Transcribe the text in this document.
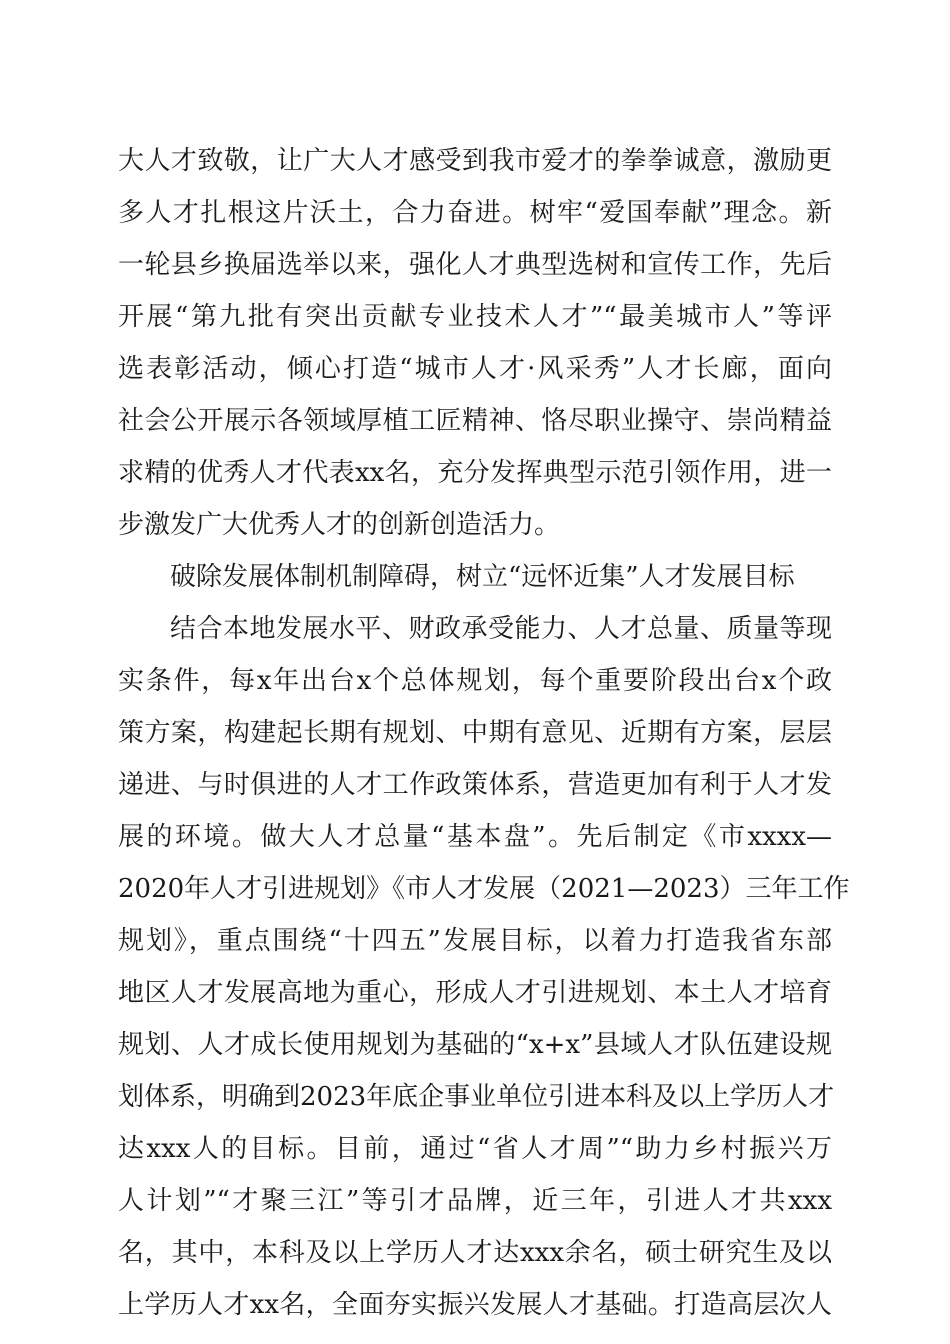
大人才致敬，让广大人才感受到我市爱才的拳拳诚意，激励更
多人才扎根这片沃土，合力奋进。树牢“爱国奉献”理念。新
一轮县乡换届选举以来，强化人才典型选树和宣传工作，先后
开展“第九批有突出贡献专业技术人才”“最美城市人”等评
选表彰活动，倾心打造“城市人才·风采秀”人才长廊，面向
社会公开展示各领域厚植工匠精神、恪尽职业操守、崇尚精益
求精的优秀人才代表xx名，充分发挥典型示范引领作用，进一
步激发广大优秀人才的创新创造活力。
破除发展体制机制障碍，树立“远怀近集”人才发展目标
结合本地发展水平、财政承受能力、人才总量、质量等现
实条件，每x年出台x个总体规划，每个重要阶段出台x个政
策方案，构建起长期有规划、中期有意见、近期有方案，层层
递进、与时俱进的人才工作政策体系，营造更加有利于人才发
展的环境。做大人才总量“基本盘”。先后制定《市xxxx—
2020年人才引进规划》《市人才发展（2021—2023）三年工作
规划》，重点围绕“十四五”发展目标，以着力打造我省东部
地区人才发展高地为重心，形成人才引进规划、本土人才培育
规划、人才成长使用规划为基础的“x+x”县域人才队伍建设规
划体系，明确到2023年底企事业单位引进本科及以上学历人才
达xxx人的目标。目前，通过“省人才周”“助力乡村振兴万
人计划”“才聚三江”等引才品牌，近三年，引进人才共xxx
名，其中，本科及以上学历人才达xxx余名，硕士研究生及以
上学历人才xx名，全面夯实振兴发展人才基础。打造高层次人
